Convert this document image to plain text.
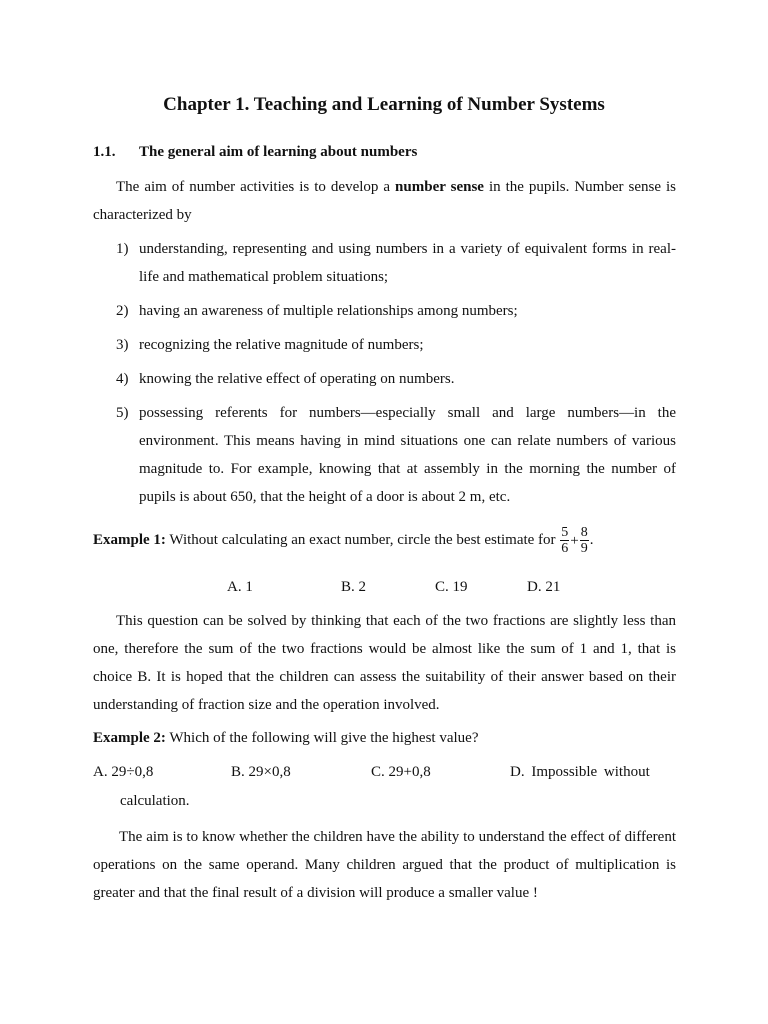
Chapter 1. Teaching and Learning of Number Systems
1.1. The general aim of learning about numbers
The aim of number activities is to develop a number sense in the pupils. Number sense is characterized by
1) understanding, representing and using numbers in a variety of equivalent forms in real-life and mathematical problem situations;
2) having an awareness of multiple relationships among numbers;
3) recognizing the relative magnitude of numbers;
4) knowing the relative effect of operating on numbers.
5) possessing referents for numbers—especially small and large numbers—in the environment. This means having in mind situations one can relate numbers of various magnitude to. For example, knowing that at assembly in the morning the number of pupils is about 650, that the height of a door is about 2 m, etc.
Example 1: Without calculating an exact number, circle the best estimate for $\frac{5}{6} + \frac{8}{9}$ .
A. 1	B. 2	C. 19	D. 21
This question can be solved by thinking that each of the two fractions are slightly less than one, therefore the sum of the two fractions would be almost like the sum of 1 and 1, that is choice B. It is hoped that the children can assess the suitability of their answer based on their understanding of fraction size and the operation involved.
Example 2: Which of the following will give the highest value?
A. 29÷0,8	B. 29×0,8	C. 29+0,8	D. Impossible without
calculation.
The aim is to know whether the children have the ability to understand the effect of different operations on the same operand. Many children argued that the product of multiplication is greater and that the final result of a division will produce a smaller value !
